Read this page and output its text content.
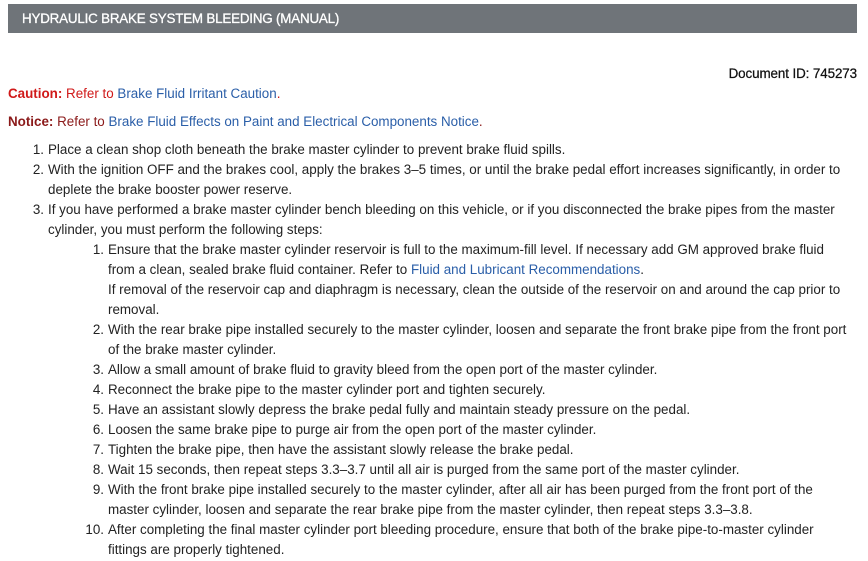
HYDRAULIC BRAKE SYSTEM BLEEDING (MANUAL)
Document ID: 745273
Caution: Refer to Brake Fluid Irritant Caution.
Notice: Refer to Brake Fluid Effects on Paint and Electrical Components Notice.
1. Place a clean shop cloth beneath the brake master cylinder to prevent brake fluid spills.
2. With the ignition OFF and the brakes cool, apply the brakes 3–5 times, or until the brake pedal effort increases significantly, in order to deplete the brake booster power reserve.
3. If you have performed a brake master cylinder bench bleeding on this vehicle, or if you disconnected the brake pipes from the master cylinder, you must perform the following steps:
1. Ensure that the brake master cylinder reservoir is full to the maximum-fill level. If necessary add GM approved brake fluid from a clean, sealed brake fluid container. Refer to Fluid and Lubricant Recommendations.
If removal of the reservoir cap and diaphragm is necessary, clean the outside of the reservoir on and around the cap prior to removal.
2. With the rear brake pipe installed securely to the master cylinder, loosen and separate the front brake pipe from the front port of the brake master cylinder.
3. Allow a small amount of brake fluid to gravity bleed from the open port of the master cylinder.
4. Reconnect the brake pipe to the master cylinder port and tighten securely.
5. Have an assistant slowly depress the brake pedal fully and maintain steady pressure on the pedal.
6. Loosen the same brake pipe to purge air from the open port of the master cylinder.
7. Tighten the brake pipe, then have the assistant slowly release the brake pedal.
8. Wait 15 seconds, then repeat steps 3.3–3.7 until all air is purged from the same port of the master cylinder.
9. With the front brake pipe installed securely to the master cylinder, after all air has been purged from the front port of the master cylinder, loosen and separate the rear brake pipe from the master cylinder, then repeat steps 3.3–3.8.
10. After completing the final master cylinder port bleeding procedure, ensure that both of the brake pipe-to-master cylinder fittings are properly tightened.
